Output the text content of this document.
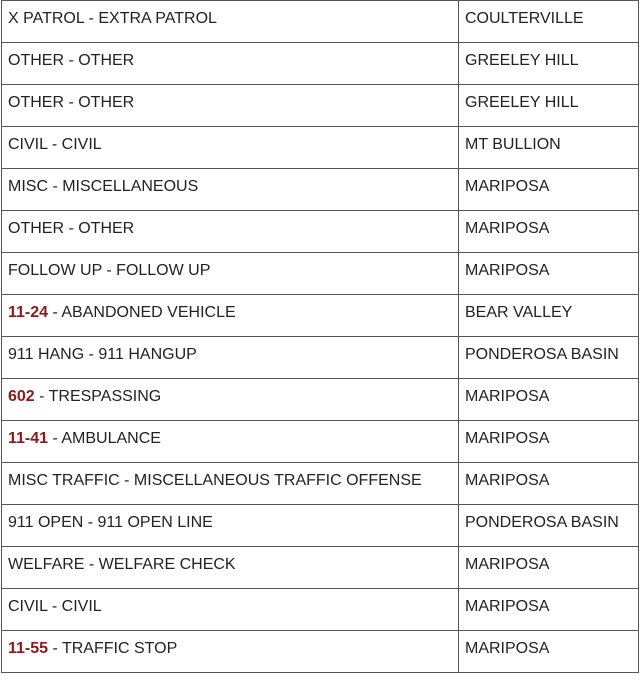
X PATROL - EXTRA PATROL	COULTERVILLE

OTHER - OTHER	GREELEY HILL

OTHER - OTHER	GREELEY HILL

CIVIL - CIVIL	MT BULLION

MISC - MISCELLANEOUS	MARIPOSA

OTHER - OTHER	MARIPOSA

FOLLOW UP - FOLLOW UP	MARIPOSA

11-24 - ABANDONED VEHICLE	BEAR VALLEY

911 HANG - 911 HANGUP	PONDEROSA BASIN

602 - TRESPASSING	MARIPOSA

11-41 - AMBULANCE	MARIPOSA

MISC TRAFFIC - MISCELLANEOUS TRAFFIC OFFENSE	MARIPOSA

911 OPEN - 911 OPEN LINE	PONDEROSA BASIN

WELFARE - WELFARE CHECK	MARIPOSA

CIVIL - CIVIL	MARIPOSA

11-55 - TRAFFIC STOP	MARIPOSA
